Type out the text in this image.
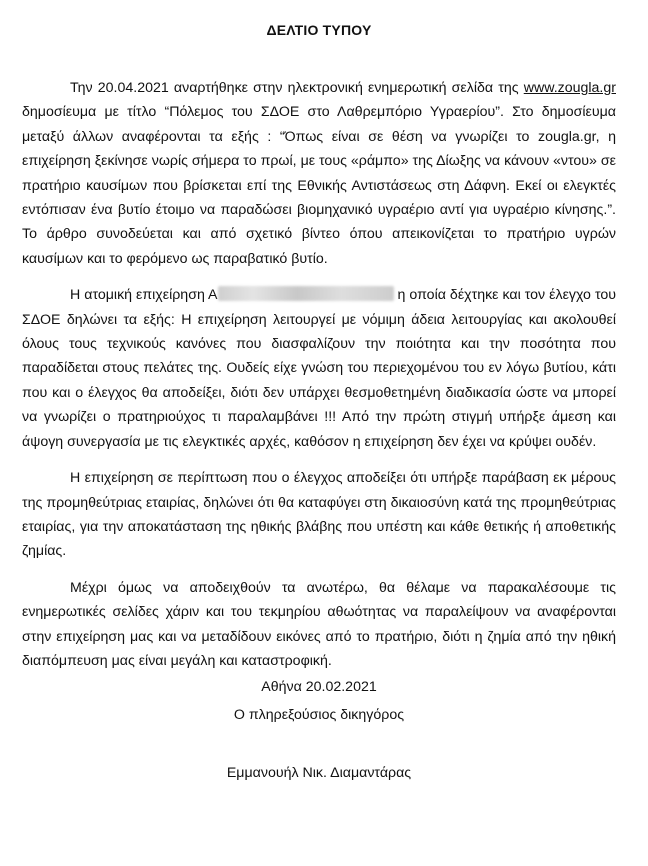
ΔΕΛΤΙΟ ΤΥΠΟΥ

Την 20.04.2021 αναρτήθηκε στην ηλεκτρονική ενημερωτική σελίδα της www.zougla.gr δημοσίευμα με τίτλο “Πόλεμος του ΣΔΟΕ στο Λαθρεμπόριο Υγραερίου”. Στο δημοσίευμα μεταξύ άλλων αναφέρονται τα εξής : “Όπως είναι σε θέση να γνωρίζει το zougla.gr, η επιχείρηση ξεκίνησε νωρίς σήμερα το πρωί, με τους «ράμπο» της Δίωξης να κάνουν «ντου» σε πρατήριο καυσίμων που βρίσκεται επί της Εθνικής Αντιστάσεως στη Δάφνη. Εκεί οι ελεγκτές εντόπισαν ένα βυτίο έτοιμο να παραδώσει βιομηχανικό υγραέριο αντί για υγραέριο κίνησης.”. Το άρθρο συνοδεύεται και από σχετικό βίντεο όπου απεικονίζεται το πρατήριο υγρών καυσίμων και το φερόμενο ως παραβατικό βυτίο.

Η ατομική επιχείρηση Α	η οποία δέχτηκε και τον έλεγχο του ΣΔΟΕ δηλώνει τα εξής: Η επιχείρηση λειτουργεί με νόμιμη άδεια λειτουργίας και ακολουθεί όλους τους τεχνικούς κανόνες που διασφαλίζουν την ποιότητα και την ποσότητα που παραδίδεται στους πελάτες της. Ουδείς είχε γνώση του περιεχομένου του εν λόγω βυτίου, κάτι που και ο έλεγχος θα αποδείξει, διότι δεν υπάρχει θεσμοθετημένη διαδικασία ώστε να μπορεί να γνωρίζει ο πρατηριούχος τι παραλαμβάνει !!! Από την πρώτη στιγμή υπήρξε άμεση και άψογη συνεργασία με τις ελεγκτικές αρχές, καθόσον η επιχείρηση δεν έχει να κρύψει ουδέν.

Η επιχείρηση σε περίπτωση που ο έλεγχος αποδείξει ότι υπήρξε παράβαση εκ μέρους της προμηθεύτριας εταιρίας, δηλώνει ότι θα καταφύγει στη δικαιοσύνη κατά της προμηθεύτριας εταιρίας, για την αποκατάσταση της ηθικής βλάβης που υπέστη και κάθε θετικής ή αποθετικής ζημίας.

Μέχρι όμως να αποδειχθούν τα ανωτέρω, θα θέλαμε να παρακαλέσουμε τις ενημερωτικές σελίδες χάριν και του τεκμηρίου αθωότητας να παραλείψουν να αναφέρονται στην επιχείρηση μας και να μεταδίδουν εικόνες από το πρατήριο, διότι η ζημία από την ηθική διαπόμπευση μας είναι μεγάλη και καταστροφική.

Αθήνα 20.02.2021

Ο πληρεξούσιος δικηγόρος

Εμμανουήλ Νικ. Διαμαντάρας
